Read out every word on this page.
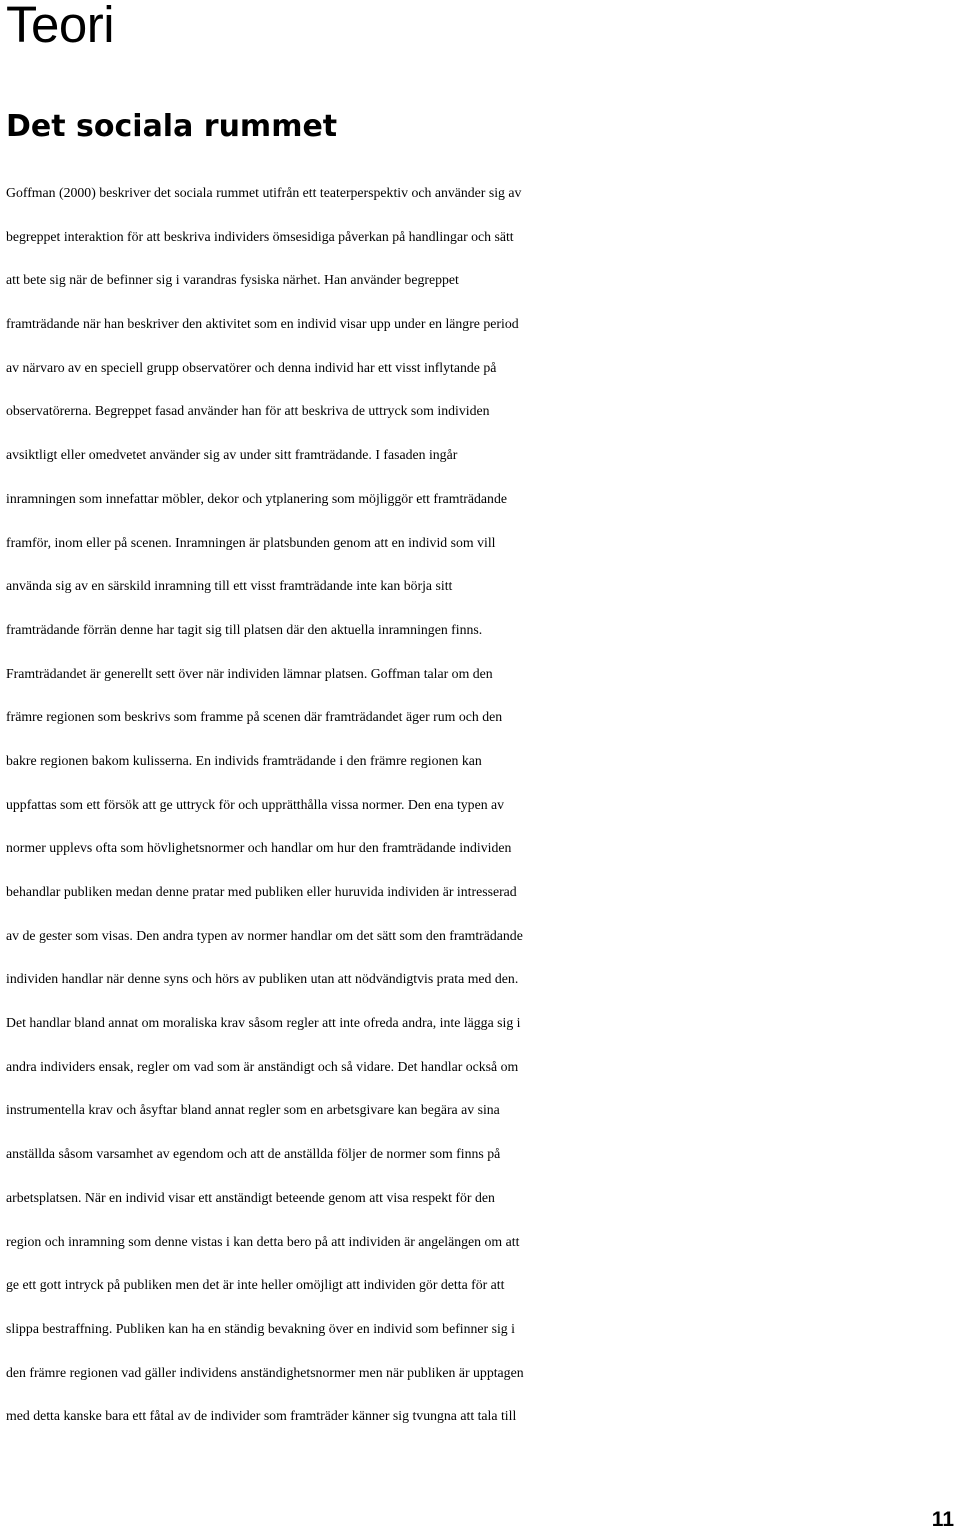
Teori
Det sociala rummet
Goffman (2000) beskriver det sociala rummet utifrån ett teaterperspektiv och använder sig av
begreppet interaktion för att beskriva individers ömsesidiga påverkan på handlingar och sätt
att bete sig när de befinner sig i varandras fysiska närhet. Han använder begreppet
framträdande när han beskriver den aktivitet som en individ visar upp under en längre period
av närvaro av en speciell grupp observatörer och denna individ har ett visst inflytande på
observatörerna. Begreppet fasad använder han för att beskriva de uttryck som individen
avsiktligt eller omedvetet använder sig av under sitt framträdande. I fasaden ingår
inramningen som innefattar möbler, dekor och ytplanering som möjliggör ett framträdande
framför, inom eller på scenen. Inramningen är platsbunden genom att en individ som vill
använda sig av en särskild inramning till ett visst framträdande inte kan börja sitt
framträdande förrän denne har tagit sig till platsen där den aktuella inramningen finns.
Framträdandet är generellt sett över när individen lämnar platsen. Goffman talar om den
främre regionen som beskrivs som framme på scenen där framträdandet äger rum och den
bakre regionen bakom kulisserna. En individs framträdande i den främre regionen kan
uppfattas som ett försök att ge uttryck för och upprätthålla vissa normer. Den ena typen av
normer upplevs ofta som hövlighetsnormer och handlar om hur den framträdande individen
behandlar publiken medan denne pratar med publiken eller huruvida individen är intresserad
av de gester som visas. Den andra typen av normer handlar om det sätt som den framträdande
individen handlar när denne syns och hörs av publiken utan att nödvändigtvis prata med den.
Det handlar bland annat om moraliska krav såsom regler att inte ofreda andra, inte lägga sig i
andra individers ensak, regler om vad som är anständigt och så vidare. Det handlar också om
instrumentella krav och åsyftar bland annat regler som en arbetsgivare kan begära av sina
anställda såsom varsamhet av egendom och att de anställda följer de normer som finns på
arbetsplatsen. När en individ visar ett anständigt beteende genom att visa respekt för den
region och inramning som denne vistas i kan detta bero på att individen är angelängen om att
ge ett gott intryck på publiken men det är inte heller omöjligt att individen gör detta för att
slippa bestraffning. Publiken kan ha en ständig bevakning över en individ som befinner sig i
den främre regionen vad gäller individens anständighetsnormer men när publiken är upptagen
med detta kanske bara ett fåtal av de individer som framträder känner sig tvungna att tala till
11
